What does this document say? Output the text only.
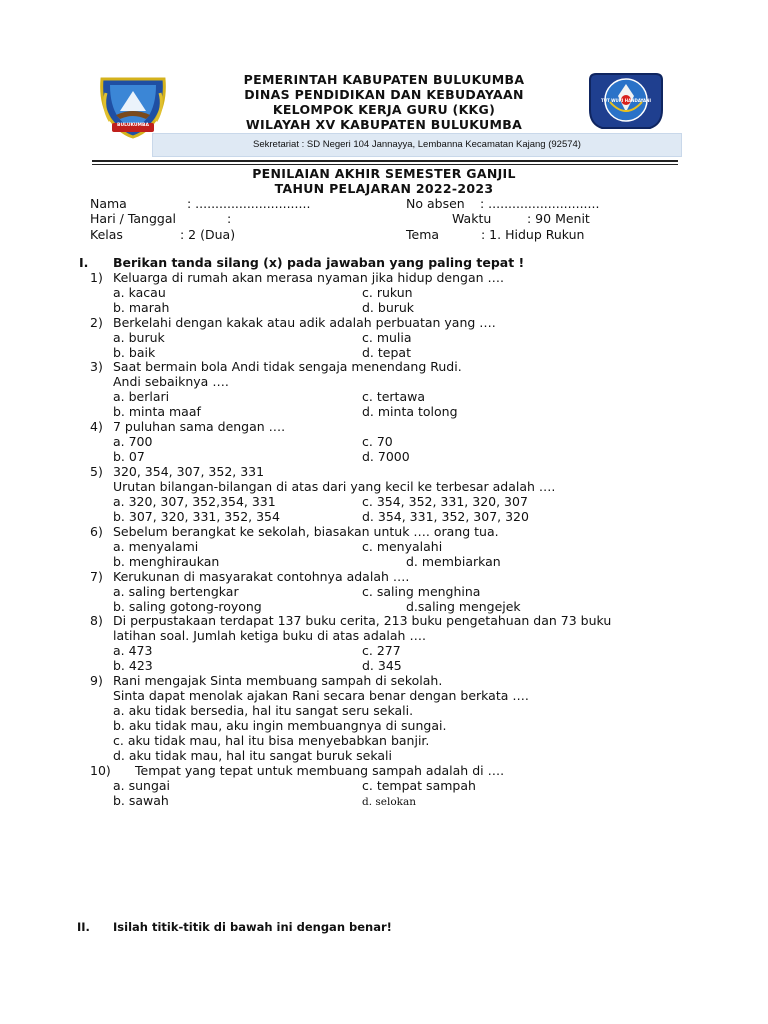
BULUKUMBA
TUT WURI HANDAYANI
PEMERINTAH KABUPATEN BULUKUMBA
DINAS PENDIDIKAN DAN KEBUDAYAAN
KELOMPOK KERJA GURU (KKG)
WILAYAH XV KABUPATEN BULUKUMBA
Sekretariat : SD Negeri 104 Jannayya, Lembanna Kecamatan Kajang (92574)
PENILAIAN AKHIR SEMESTER GANJIL
TAHUN PELAJARAN 2022-2023
Nama	: .............................	No absen : ............................
Hari / Tanggal	:	Waktu	: 90 Menit
Kelas	: 2 (Dua)	Tema	: 1. Hidup Rukun
I. Berikan tanda silang (x) pada jawaban yang paling tepat !
1) Keluarga di rumah akan merasa nyaman jika hidup dengan ….
a. kacau	c. rukun
b. marah	d. buruk
2) Berkelahi dengan kakak atau adik adalah perbuatan yang ….
a. buruk	c. mulia
b. baik	d. tepat
3) Saat bermain bola Andi tidak sengaja menendang Rudi.
Andi sebaiknya ….
a. berlari	c. tertawa
b. minta maaf	d. minta tolong
4) 7 puluhan sama dengan ….
a. 700	c. 70
b. 07	d. 7000
5) 320, 354, 307, 352, 331
Urutan bilangan-bilangan di atas dari yang kecil ke terbesar adalah ….
a. 320, 307, 352,354, 331	c. 354, 352, 331, 320, 307
b. 307, 320, 331, 352, 354	d. 354, 331, 352, 307, 320
6) Sebelum berangkat ke sekolah, biasakan untuk …. orang tua.
a. menyalami	c. menyalahi
b. menghiraukan	d. membiarkan
7) Kerukunan di masyarakat contohnya adalah ….
a. saling bertengkar	c. saling menghina
b. saling gotong-royong	d.saling mengejek
8) Di perpustakaan terdapat 137 buku cerita, 213 buku pengetahuan dan 73 buku
latihan soal. Jumlah ketiga buku di atas adalah ….
a. 473	c. 277
b. 423	d. 345
9) Rani mengajak Sinta membuang sampah di sekolah.
Sinta dapat menolak ajakan Rani secara benar dengan berkata ….
a. aku tidak bersedia, hal itu sangat seru sekali.
b. aku tidak mau, aku ingin membuangnya di sungai.
c. aku tidak mau, hal itu bisa menyebabkan banjir.
d. aku tidak mau, hal itu sangat buruk sekali
10) Tempat yang tepat untuk membuang sampah adalah di ….
a. sungai	c. tempat sampah
b. sawah	d. selokan
II. Isilah titik-titik di bawah ini dengan benar!
